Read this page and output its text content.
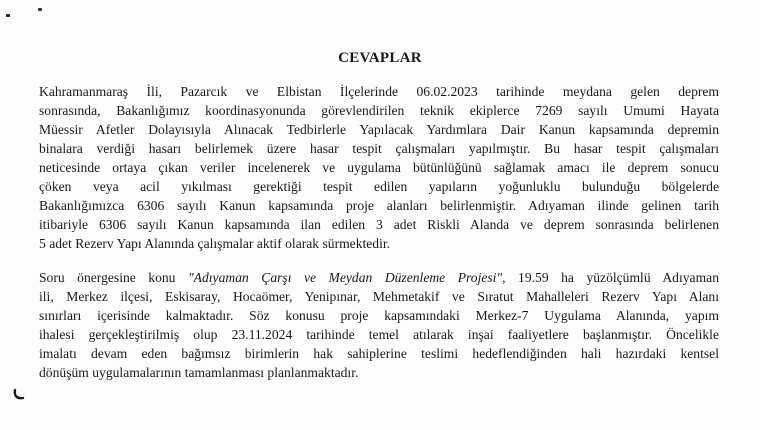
CEVAPLAR
Kahramanmaraş İli, Pazarcık ve Elbistan İlçelerinde 06.02.2023 tarihinde meydana gelen deprem
sonrasında, Bakanlığımız koordinasyonunda görevlendirilen teknik ekiplerce 7269 sayılı Umumi Hayata
Müessir Afetler Dolayısıyla Alınacak Tedbirlerle Yapılacak Yardımlara Dair Kanun kapsamında depremin
binalara verdiği hasarı belirlemek üzere hasar tespit çalışmaları yapılmıştır. Bu hasar tespit çalışmaları
neticesinde ortaya çıkan veriler incelenerek ve uygulama bütünlüğünü sağlamak amacı ile deprem sonucu
çöken veya acil yıkılması gerektiği tespit edilen yapıların yoğunluklu bulunduğu bölgelerde
Bakanlığımızca 6306 sayılı Kanun kapsamında proje alanları belirlenmiştir. Adıyaman ilinde gelinen tarih
itibariyle 6306 sayılı Kanun kapsamında ilan edilen 3 adet Riskli Alanda ve deprem sonrasında belirlenen
5 adet Rezerv Yapı Alanında çalışmalar aktif olarak sürmektedir.
Soru önergesine konu "Adıyaman Çarşı ve Meydan Düzenleme Projesi", 19.59 ha yüzölçümlü Adıyaman
ili, Merkez ilçesi, Eskisaray, Hocaömer, Yenipınar, Mehmetakif ve Sıratut Mahalleleri Rezerv Yapı Alanı
sınırları içerisinde kalmaktadır. Söz konusu proje kapsamındaki Merkez-7 Uygulama Alanında, yapım
ihalesi gerçekleştirilmiş olup 23.11.2024 tarihinde temel atılarak inşai faaliyetlere başlanmıştır. Öncelikle
imalatı devam eden bağımsız birimlerin hak sahiplerine teslimi hedeflendiğinden hali hazırdaki kentsel
dönüşüm uygulamalarının tamamlanması planlanmaktadır.
